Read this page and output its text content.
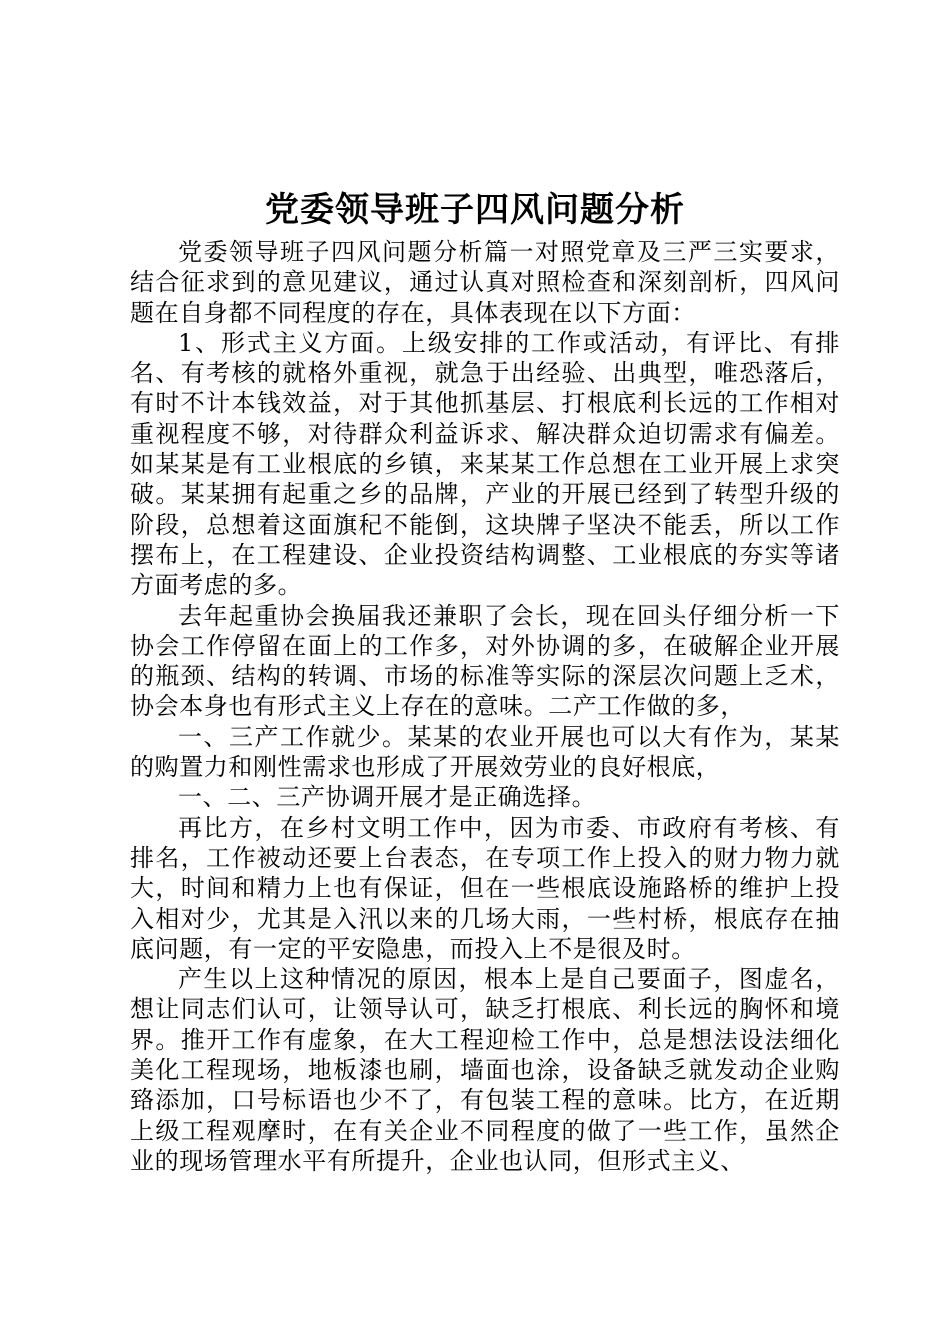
党委领导班子四风问题分析

党委领导班子四风问题分析篇一对照党章及三严三实要求，结合征求到的意见建议，通过认真对照检查和深刻剖析，四风问题在自身都不同程度的存在，具体表现在以下方面：

1、形式主义方面。上级安排的工作或活动，有评比、有排名、有考核的就格外重视，就急于出经验、出典型，唯恐落后，有时不计本钱效益，对于其他抓基层、打根底利长远的工作相对重视程度不够，对待群众利益诉求、解决群众迫切需求有偏差。如某某是有工业根底的乡镇，来某某工作总想在工业开展上求突破。某某拥有起重之乡的品牌，产业的开展已经到了转型升级的阶段，总想着这面旗䄫不能倒，这块牌子坚决不能丢，所以工作摆布上，在工程建设、企业投资结构调整、工业根底的夯实等诸方面考虑的多。

去年起重协会换届我还兼职了会长，现在回头仔细分析一下协会工作停留在面上的工作多，对外协调的多，在破解企业开展的瓶颈、结构的转调、市场的标准等实际的深层次问题上乏术，协会本身也有形式主义上存在的意味。二产工作做的多，

一、三产工作就少。某某的农业开展也可以大有作为，某某的购置力和刚性需求也形成了开展效劳业的良好根底，

一、二、三产协调开展才是正确选择。

再比方，在乡村文明工作中，因为市委、市政府有考核、有排名，工作被动还要上台表态，在专项工作上投入的财力物力就大，时间和精力上也有保证，但在一些根底设施路桥的维护上投入相对少，尤其是入汛以来的几场大雨，一些村桥，根底存在抽底问题，有一定的平安隐患，而投入上不是很及时。

产生以上这种情况的原因，根本上是自己要面子，图虚名，想让同志们认可，让领导认可，缺乏打根底、利长远的胸怀和境界。推开工作有虚象，在大工程迎检工作中，总是想法设法细化美化工程现场，地板漆也刷，墙面也涂，设备缺乏就发动企业购臵添加，口号标语也少不了，有包装工程的意味。比方，在近期上级工程观摩时，在有关企业不同程度的做了一些工作，虽然企业的现场管理水平有所提升，企业也认同，但形式主义、
